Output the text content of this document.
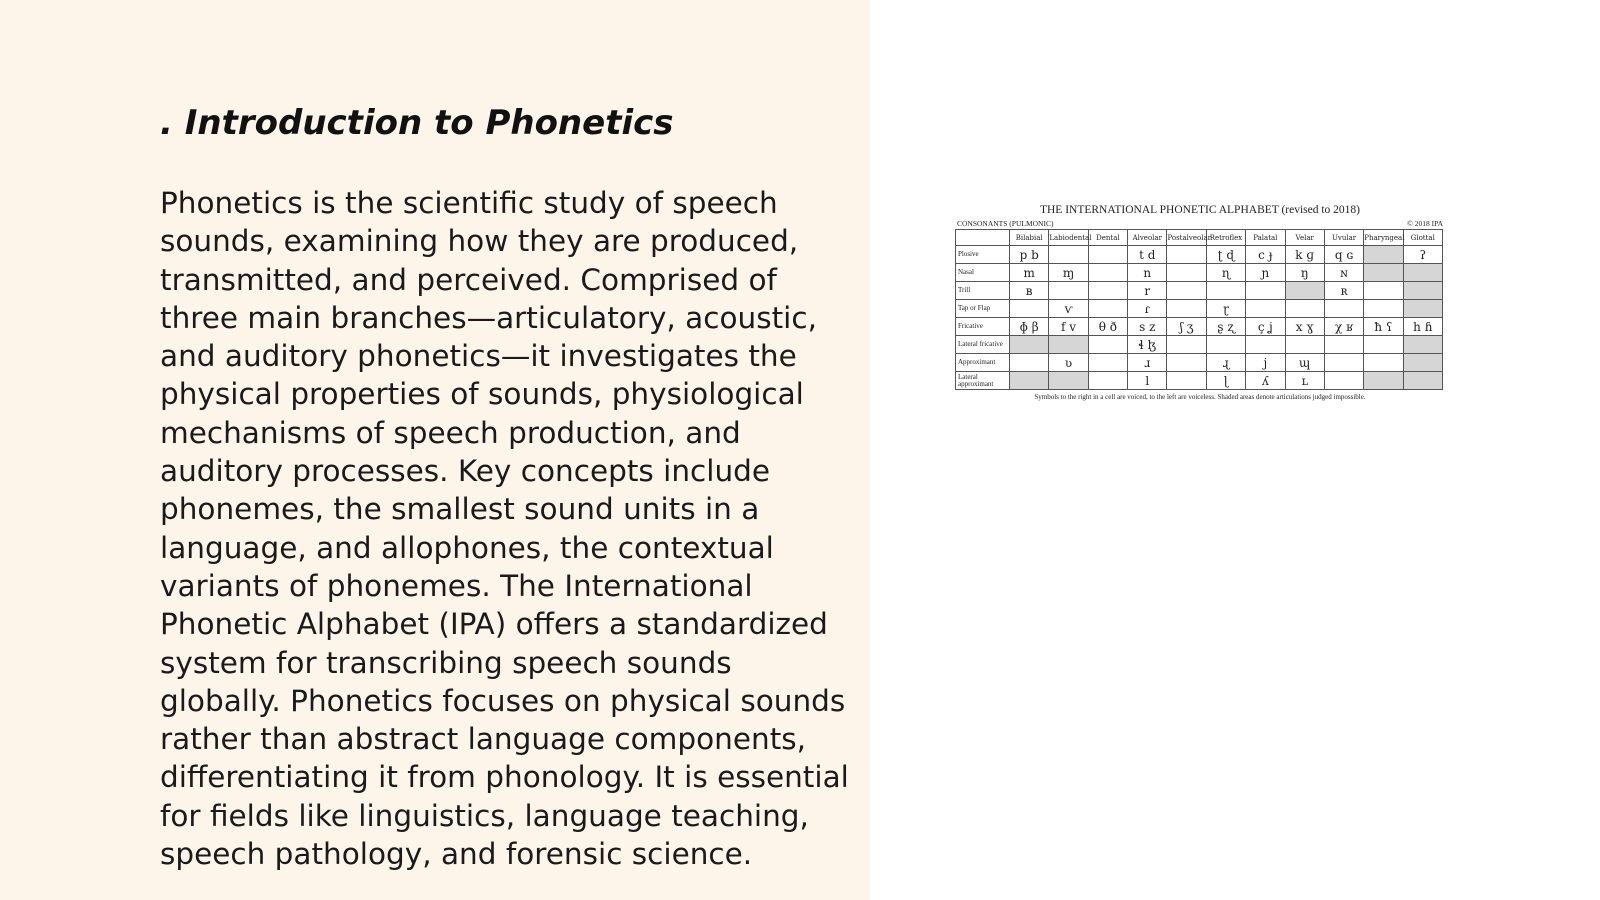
. Introduction to Phonetics

Phonetics is the scientific study of speech sounds, examining how they are produced, transmitted, and perceived. Comprised of three main branches—articulatory, acoustic, and auditory phonetics—it investigates the physical properties of sounds, physiological mechanisms of speech production, and auditory processes. Key concepts include phonemes, the smallest sound units in a language, and allophones, the contextual variants of phonemes. The International Phonetic Alphabet (IPA) offers a standardized system for transcribing speech sounds globally. Phonetics focuses on physical sounds rather than abstract language components, differentiating it from phonology. It is essential for fields like linguistics, language teaching, speech pathology, and forensic science.

THE INTERNATIONAL PHONETIC ALPHABET (revised to 2018)
CONSONANTS (PULMONIC)	© 2018 IPA
	Bilabial	Labiodental	Dental	Alveolar	Postalveolar	Retroflex	Palatal	Velar	Uvular	Pharyngeal	Glottal
Plosive	p b			t d		ʈ ɖ	c ɟ	k ɡ	q ɢ		ʔ
Nasal	m	ɱ		n		ɳ	ɲ	ŋ	ɴ		
Trill	ʙ			r					ʀ		
Tap or Flap		ⱱ		ɾ		ɽ					
Fricative	ɸ β	f v	θ ð	s z	ʃ ʒ	ʂ ʐ	ç ʝ	x ɣ	χ ʁ	ħ ʕ	h ɦ
Lateral fricative				ɬ ɮ							
Approximant		ʋ		ɹ		ɻ	j	ɰ			
Lateral approximant				l		ɭ	ʎ	ʟ			
Symbols to the right in a cell are voiced, to the left are voiceless. Shaded areas denote articulations judged impossible.
